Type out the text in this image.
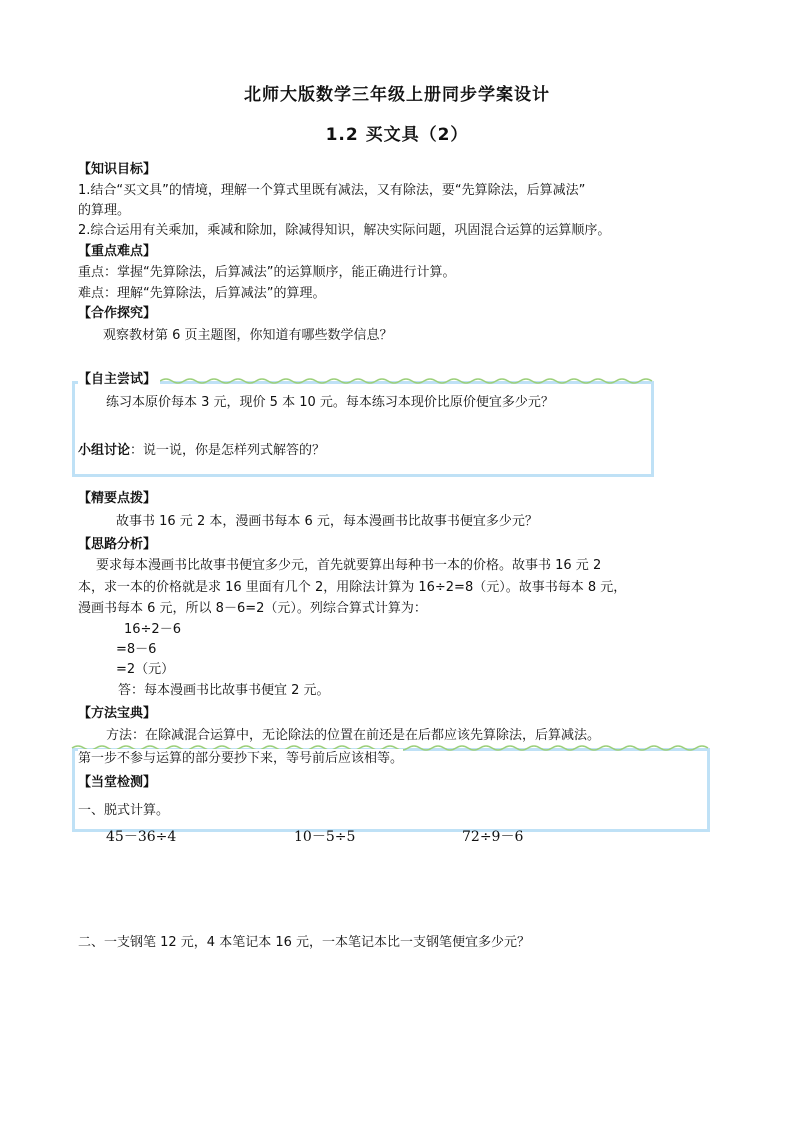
北师大版数学三年级上册同步学案设计
1.2 买文具（2）
【知识目标】
1.结合“买文具”的情境，理解一个算式里既有减法，又有除法，要“先算除法，后算减法”
的算理。
2.综合运用有关乘加，乘减和除加，除减得知识，解决实际问题，巩固混合运算的运算顺序。
【重点难点】
重点：掌握“先算除法，后算减法”的运算顺序，能正确进行计算。
难点：理解“先算除法，后算减法”的算理。
【合作探究】
观察教材第 6 页主题图，你知道有哪些数学信息？
【自主尝试】
练习本原价每本 3 元，现价 5 本 10 元。每本练习本现价比原价便宜多少元？
小组讨论：说一说，你是怎样列式解答的？
【精要点拨】
故事书 16 元 2 本，漫画书每本 6 元，每本漫画书比故事书便宜多少元？
【思路分析】
要求每本漫画书比故事书便宜多少元，首先就要算出每种书一本的价格。故事书 16 元 2
本，求一本的价格就是求 16 里面有几个 2，用除法计算为 16÷2=8（元）。故事书每本 8 元，
漫画书每本 6 元，所以 8－6=2（元）。列综合算式计算为：
16÷2－6
=8－6
=2（元）
答：每本漫画书比故事书便宜 2 元。
【方法宝典】
方法：在除减混合运算中，无论除法的位置在前还是在后都应该先算除法，后算减法。
第一步不参与运算的部分要抄下来，等号前后应该相等。
【当堂检测】
一、脱式计算。
45－36÷4	10－5÷5	72÷9－6
二、一支钢笔 12 元，4 本笔记本 16 元，一本笔记本比一支钢笔便宜多少元？
